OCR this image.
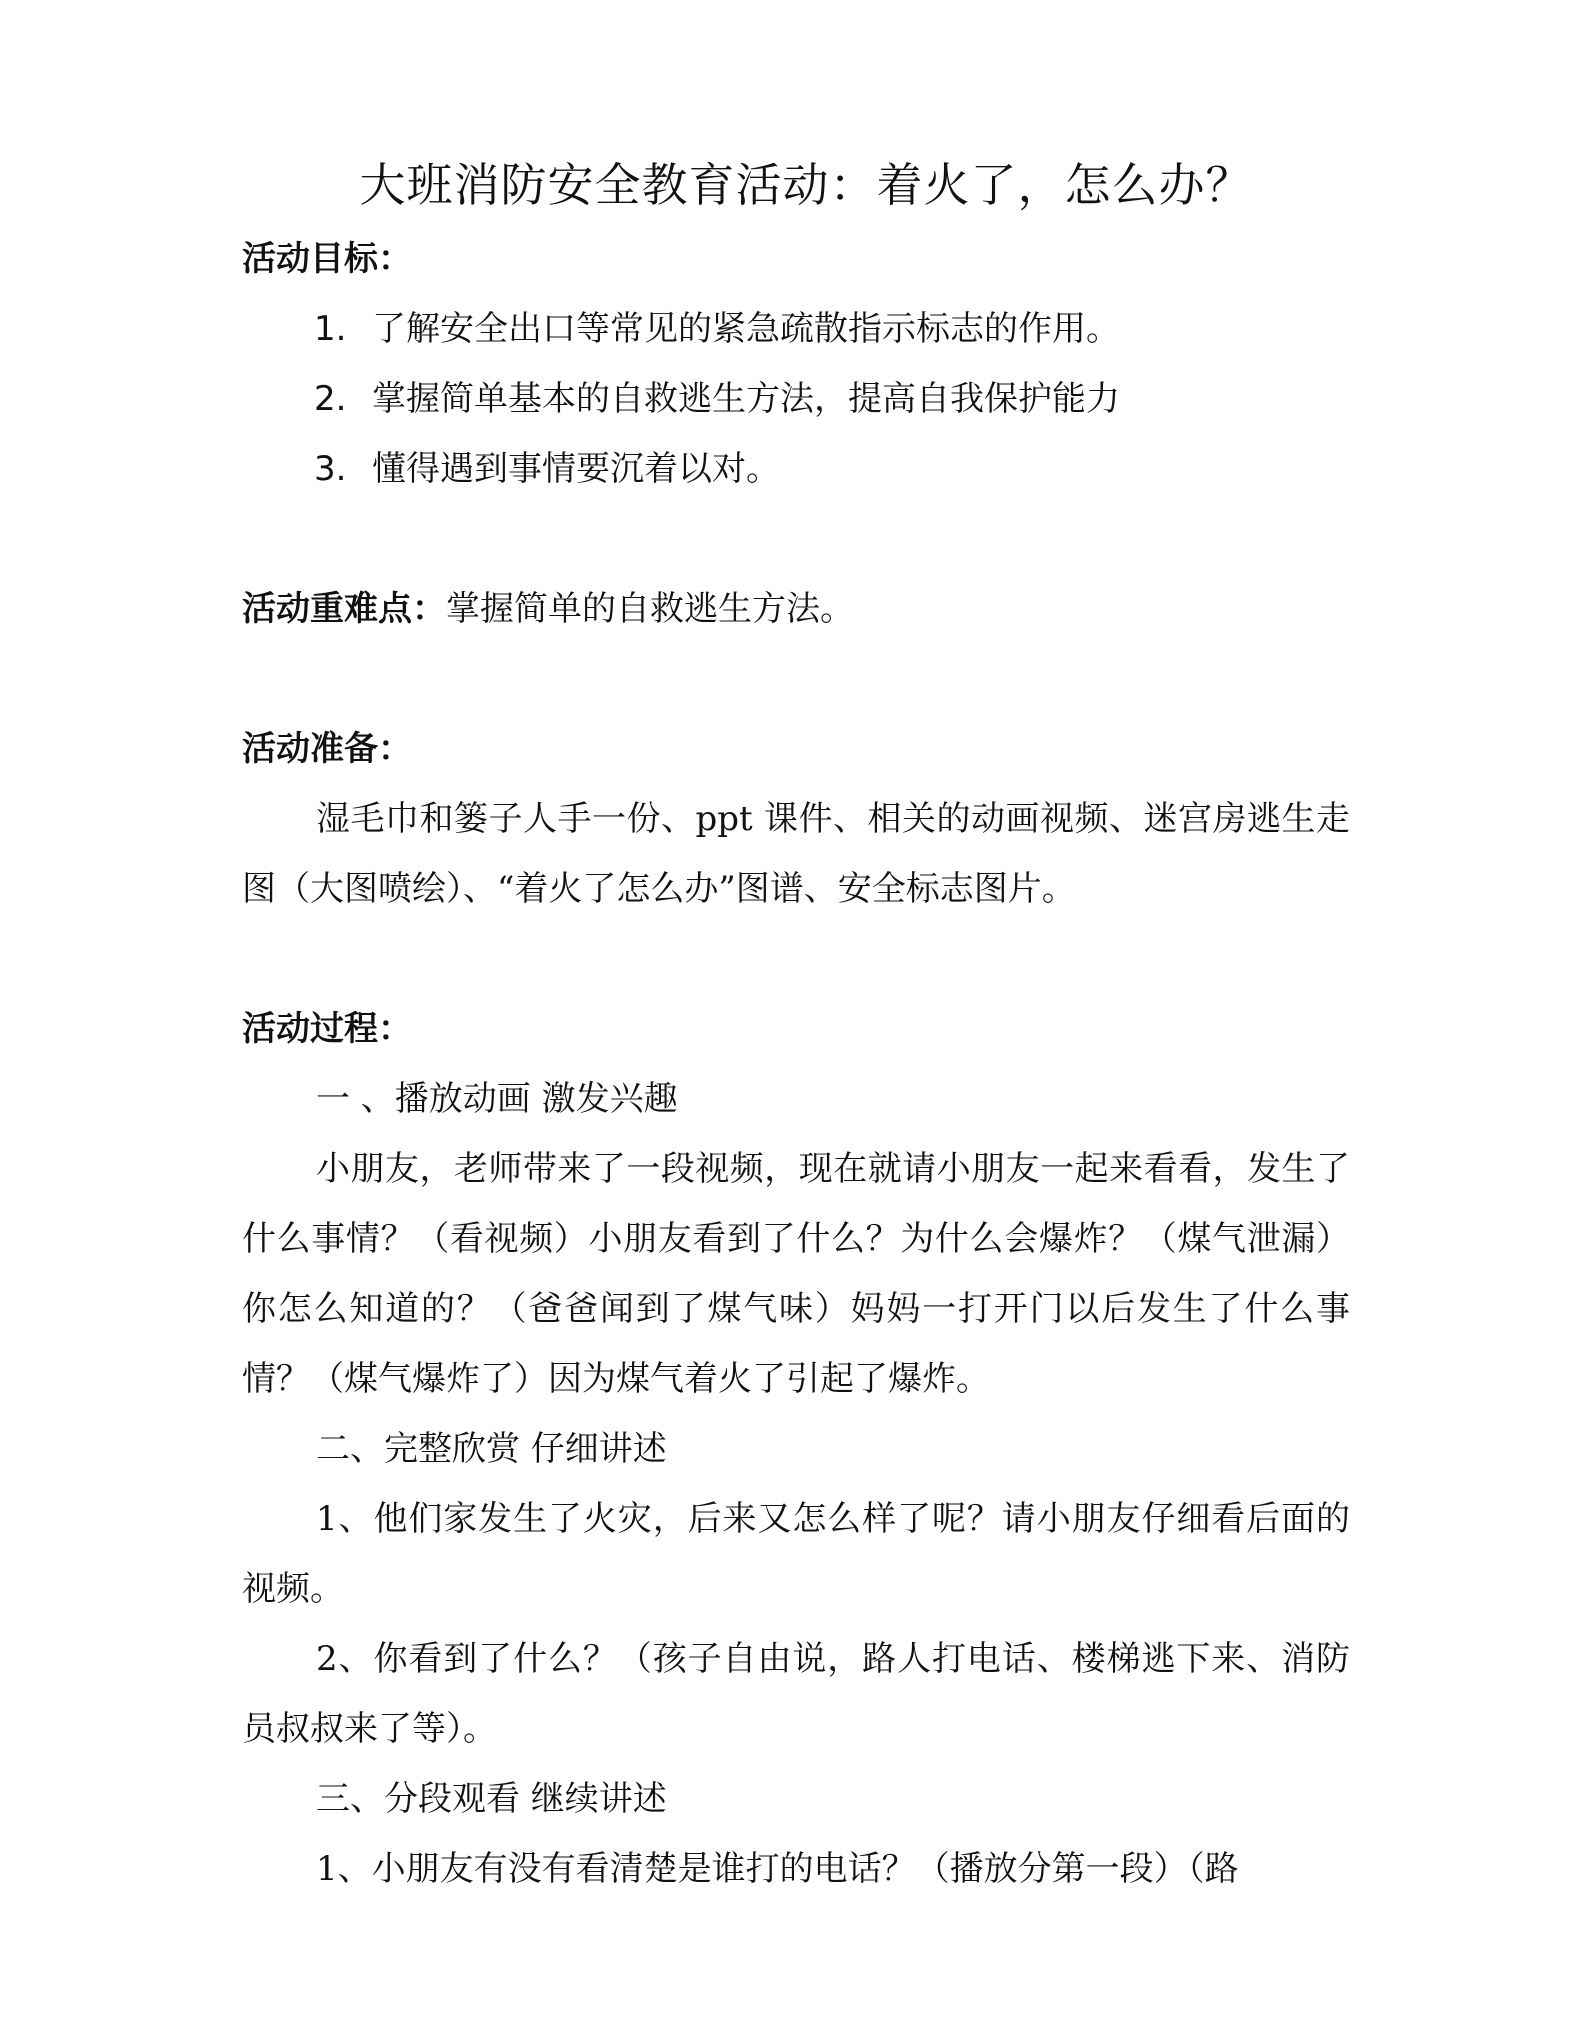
大班消防安全教育活动：着火了，怎么办？
活动目标：
1. 了解安全出口等常见的紧急疏散指示标志的作用。
2. 掌握简单基本的自救逃生方法，提高自我保护能力
3. 懂得遇到事情要沉着以对。
活动重难点：掌握简单的自救逃生方法。
活动准备：

湿毛巾和篓子人手一份、ppt 课件、相关的动画视频、迷宫房逃生走图（大图喷绘）、“着火了怎么办”图谱、安全标志图片。

活动过程：
一 、播放动画 激发兴趣

小朋友，老师带来了一段视频，现在就请小朋友一起来看看，发生了什么事情？（看视频）小朋友看到了什么？为什么会爆炸？（煤气泄漏）你怎么知道的？（爸爸闻到了煤气味）妈妈一打开门以后发生了什么事情？（煤气爆炸了）因为煤气着火了引起了爆炸。

二、完整欣赏 仔细讲述

1、他们家发生了火灾，后来又怎么样了呢？请小朋友仔细看后面的视频。

2、你看到了什么？（孩子自由说，路人打电话、楼梯逃下来、消防员叔叔来了等）。

三、分段观看 继续讲述

1、小朋友有没有看清楚是谁打的电话？（播放分第一段）（路
